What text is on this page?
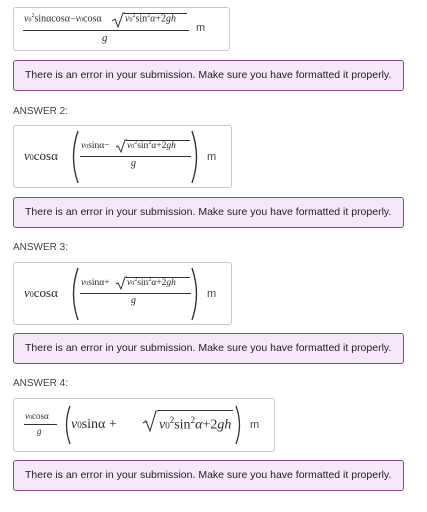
$v0^2\sin\alpha\cos\alpha-v0\cos\alpha$ $v0^2\sin^2\alpha+2gh$
g
m
There is an error in your submission. Make sure you have formatted it properly.
ANSWER 2:
v0cosα
$v0\sin\alpha- v0^2\sin^2\alpha+2gh$
g
m
There is an error in your submission. Make sure you have formatted it properly.
ANSWER 3:
v0cosα
$v0\sin\alpha+ v0^2\sin^2\alpha+2gh$
g
m
There is an error in your submission. Make sure you have formatted it properly.
ANSWER 4:
v0cosα
g v0sinα +	$v0^2\sin^2\alpha+2gh$ m
There is an error in your submission. Make sure you have formatted it properly.
